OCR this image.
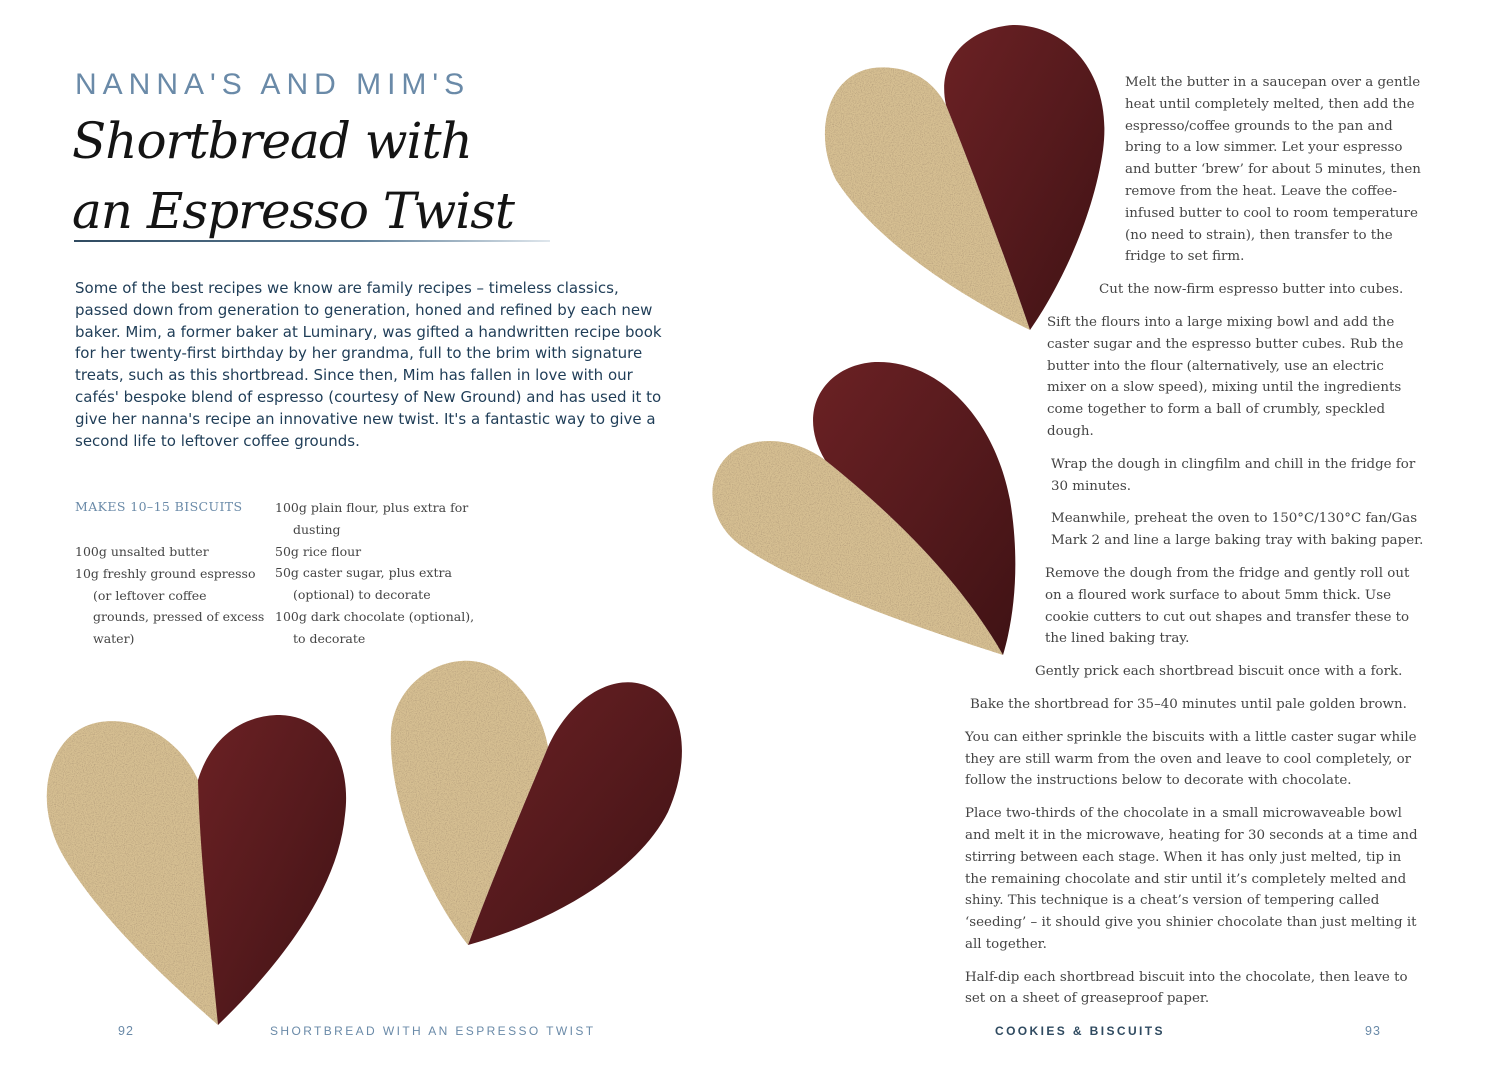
NANNA'S AND MIM'S
Shortbread with
an Espresso Twist

Some of the best recipes we know are family recipes – timeless classics, passed down from generation to generation, honed and refined by each new baker. Mim, a former baker at Luminary, was gifted a handwritten recipe book for her twenty-first birthday by her grandma, full to the brim with signature treats, such as this shortbread. Since then, Mim has fallen in love with our cafés' bespoke blend of espresso (courtesy of New Ground) and has used it to give her nanna's recipe an innovative new twist. It's a fantastic way to give a second life to leftover coffee grounds.

MAKES 10–15 BISCUITS
100g unsalted butter
10g freshly ground espresso (or leftover coffee grounds, pressed of excess water)
100g plain flour, plus extra for dusting
50g rice flour
50g caster sugar, plus extra (optional) to decorate
100g dark chocolate (optional), to decorate

Melt the butter in a saucepan over a gentle heat until completely melted, then add the espresso/coffee grounds to the pan and bring to a low simmer. Let your espresso and butter ‘brew’ for about 5 minutes, then remove from the heat. Leave the coffee-infused butter to cool to room temperature (no need to strain), then transfer to the fridge to set firm.

Cut the now-firm espresso butter into cubes.

Sift the flours into a large mixing bowl and add the caster sugar and the espresso butter cubes. Rub the butter into the flour (alternatively, use an electric mixer on a slow speed), mixing until the ingredients come together to form a ball of crumbly, speckled dough.

Wrap the dough in clingfilm and chill in the fridge for 30 minutes.

Meanwhile, preheat the oven to 150°C/130°C fan/Gas Mark 2 and line a large baking tray with baking paper.

Remove the dough from the fridge and gently roll out on a floured work surface to about 5mm thick. Use cookie cutters to cut out shapes and transfer these to the lined baking tray.

Gently prick each shortbread biscuit once with a fork.

Bake the shortbread for 35–40 minutes until pale golden brown.

You can either sprinkle the biscuits with a little caster sugar while they are still warm from the oven and leave to cool completely, or follow the instructions below to decorate with chocolate.

Place two-thirds of the chocolate in a small microwaveable bowl and melt it in the microwave, heating for 30 seconds at a time and stirring between each stage. When it has only just melted, tip in the remaining chocolate and stir until it’s completely melted and shiny. This technique is a cheat’s version of tempering called ‘seeding’ – it should give you shinier chocolate than just melting it all together.

Half-dip each shortbread biscuit into the chocolate, then leave to set on a sheet of greaseproof paper.

92	SHORTBREAD WITH AN ESPRESSO TWIST	COOKIES & BISCUITS	93
